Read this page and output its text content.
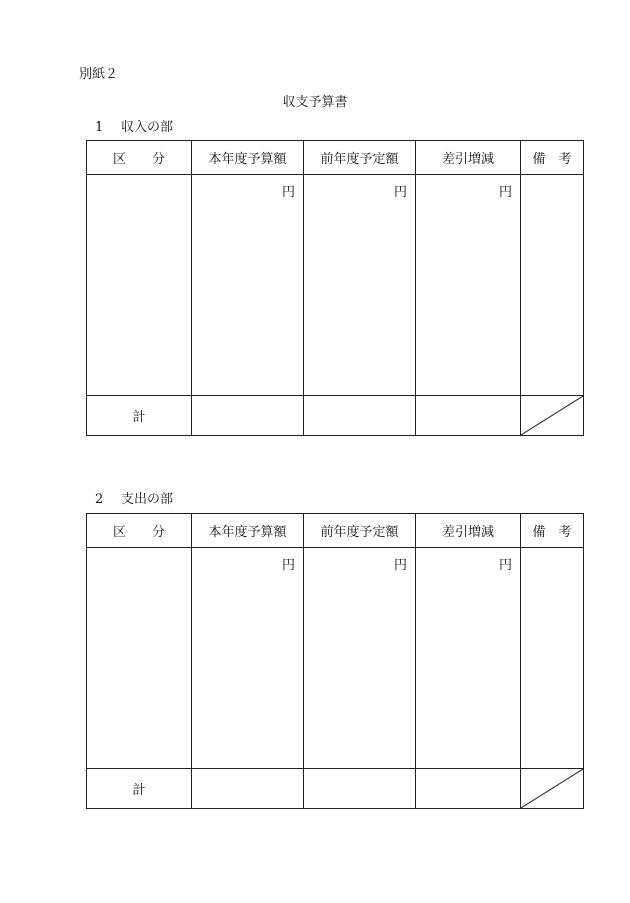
別紙２
収支予算書
1 収入の部
区　　分	本年度予算額	前年度予定額	差引増減	備　考
	円	円	円	
計				
2 支出の部
区　　分	本年度予算額	前年度予定額	差引増減	備　考
	円	円	円	
計				
